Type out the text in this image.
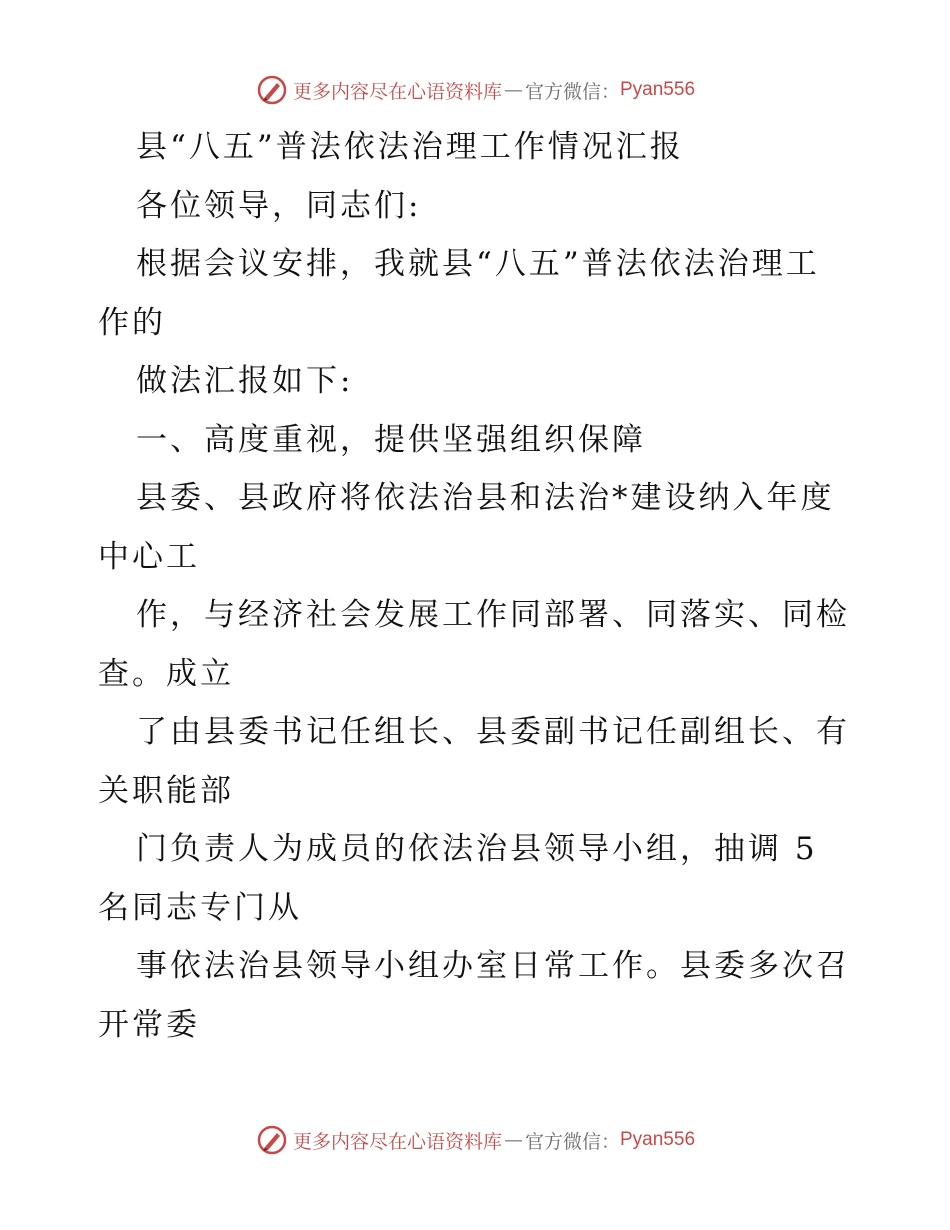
更多内容尽在心语资料库 — 官方微信： Pyan556
县“八五”普法依法治理工作情况汇报
各位领导，同志们:
根据会议安排，我就县“八五”普法依法治理工
作的
做法汇报如下:
一、高度重视，提供坚强组织保障
县委、县政府将依法治县和法治*建设纳入年度
中心工
作，与经济社会发展工作同部署、同落实、同检
查。成立
了由县委书记任组长、县委副书记任副组长、有
关职能部
门负责人为成员的依法治县领导小组，抽调 5
名同志专门从
事依法治县领导小组办室日常工作。县委多次召
开常委
更多内容尽在心语资料库 — 官方微信： Pyan556
